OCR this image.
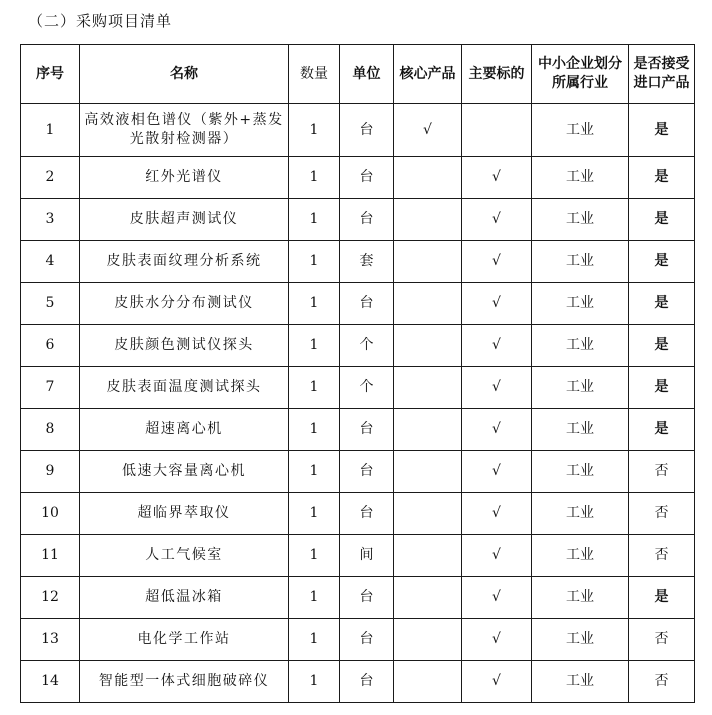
（二）采购项目清单
序号	名称	数量	单位	核心产品	主要标的	中小企业划分所属行业	是否接受进口产品
1	高效液相色谱仪（紫外+蒸发光散射检测器）	1	台	√		工业	是
2	红外光谱仪	1	台		√	工业	是
3	皮肤超声测试仪	1	台		√	工业	是
4	皮肤表面纹理分析系统	1	套		√	工业	是
5	皮肤水分分布测试仪	1	台		√	工业	是
6	皮肤颜色测试仪探头	1	个		√	工业	是
7	皮肤表面温度测试探头	1	个		√	工业	是
8	超速离心机	1	台		√	工业	是
9	低速大容量离心机	1	台		√	工业	否
10	超临界萃取仪	1	台		√	工业	否
11	人工气候室	1	间		√	工业	否
12	超低温冰箱	1	台		√	工业	是
13	电化学工作站	1	台		√	工业	否
14	智能型一体式细胞破碎仪	1	台		√	工业	否
